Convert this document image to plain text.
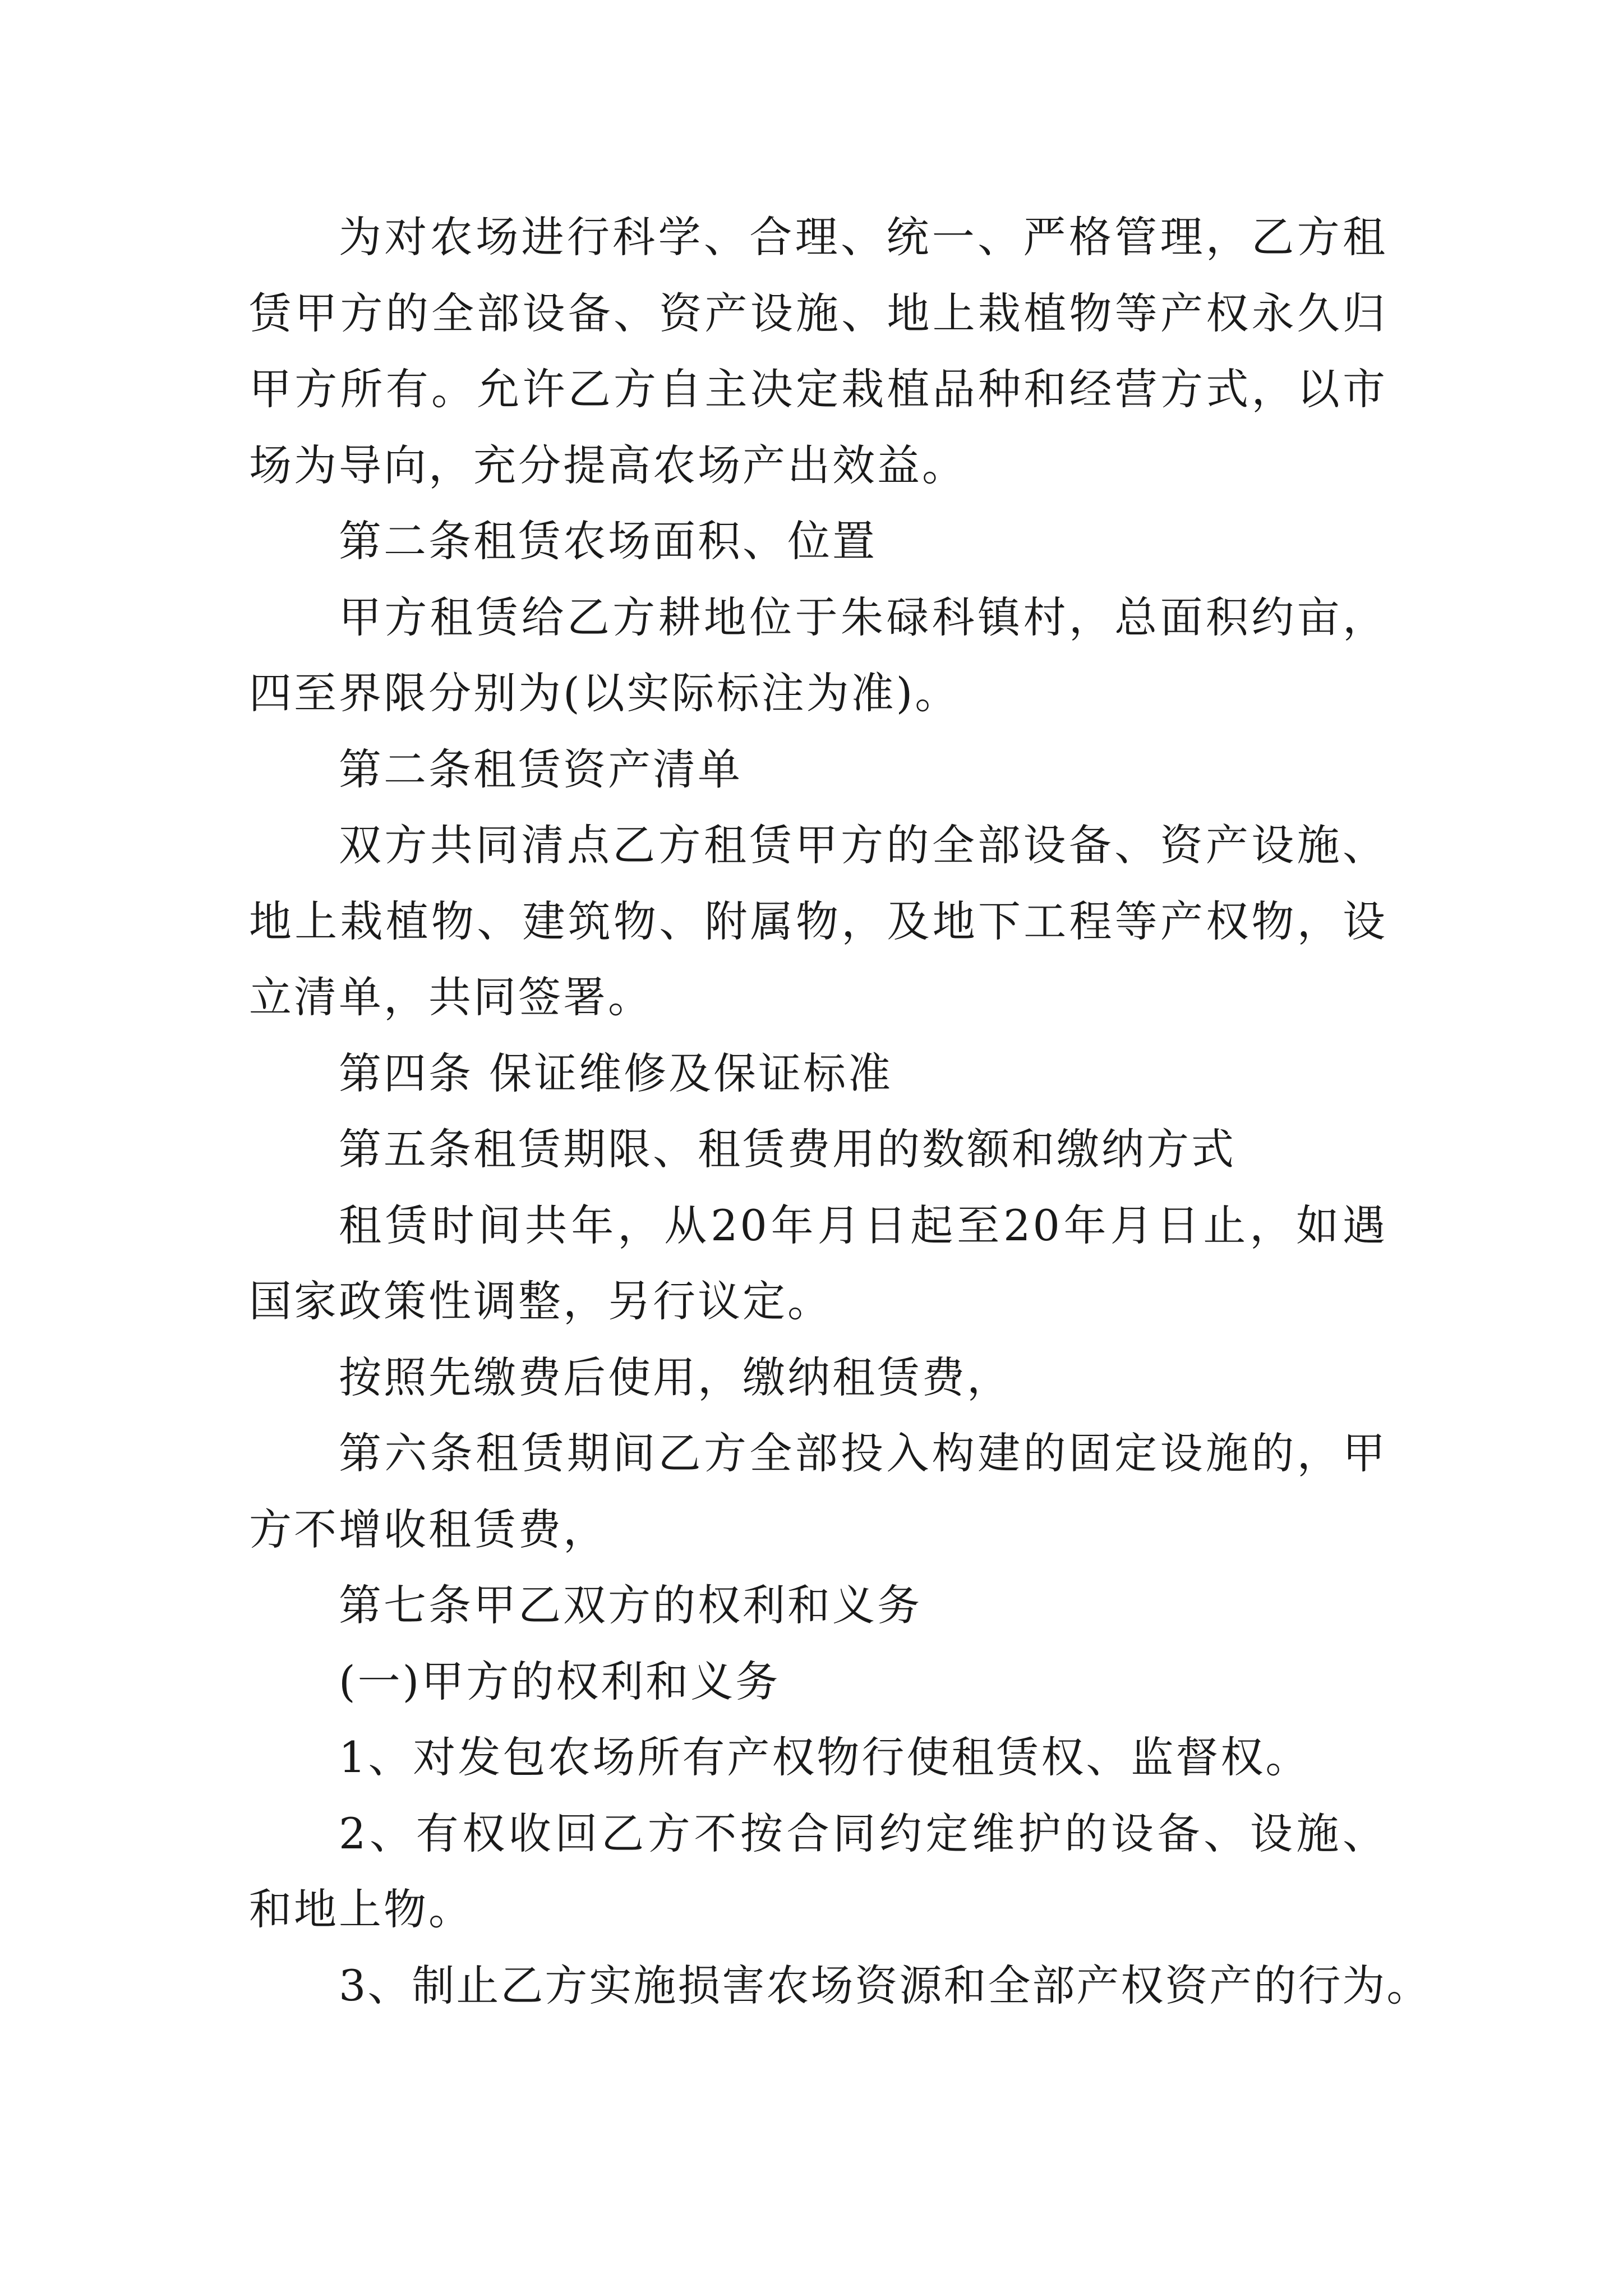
为对农场进行科学、合理、统一、严格管理，乙方租赁甲方的全部设备、资产设施、地上栽植物等产权永久归甲方所有。允许乙方自主决定栽植品种和经营方式，以市场为导向，充分提高农场产出效益。

第二条租赁农场面积、位置

甲方租赁给乙方耕地位于朱碌科镇村，总面积约亩，四至界限分别为(以实际标注为准)。

第二条租赁资产清单

双方共同清点乙方租赁甲方的全部设备、资产设施、地上栽植物、建筑物、附属物，及地下工程等产权物，设立清单，共同签署。

第四条 保证维修及保证标准

第五条租赁期限、租赁费用的数额和缴纳方式

租赁时间共年，从20年月日起至20年月日止，如遇国家政策性调整，另行议定。

按照先缴费后使用，缴纳租赁费，

第六条租赁期间乙方全部投入构建的固定设施的，甲方不增收租赁费，

第七条甲乙双方的权利和义务

(一)甲方的权利和义务

1、对发包农场所有产权物行使租赁权、监督权。

2、有权收回乙方不按合同约定维护的设备、设施、和地上物。

3、制止乙方实施损害农场资源和全部产权资产的行为。
